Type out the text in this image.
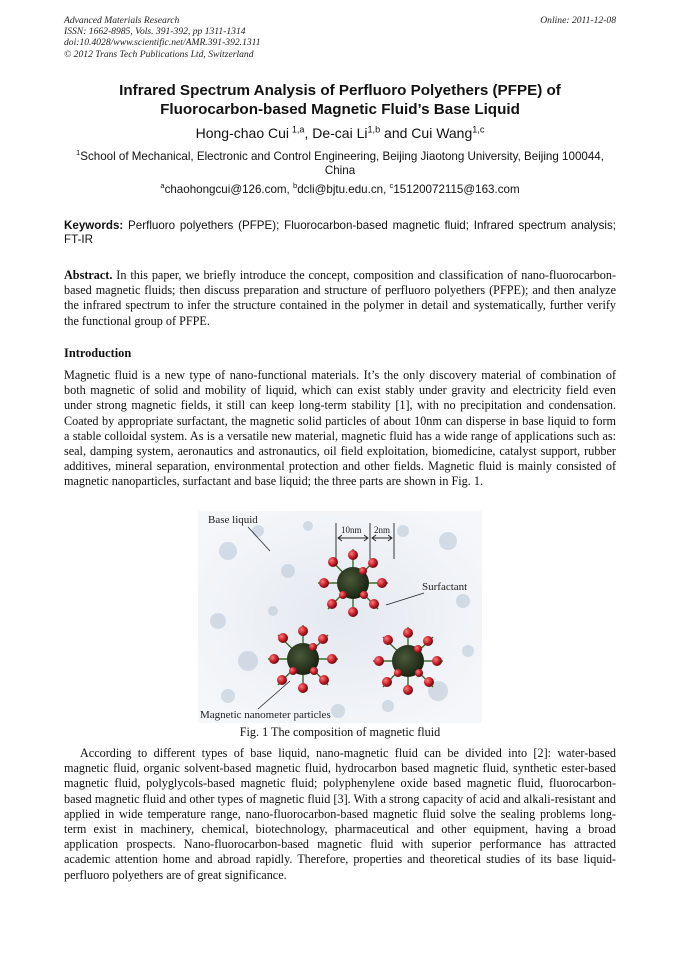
Advanced Materials Research
ISSN: 1662-8985, Vols. 391-392, pp 1311-1314
doi:10.4028/www.scientific.net/AMR.391-392.1311
© 2012 Trans Tech Publications Ltd, Switzerland
Online: 2011-12-08
Infrared Spectrum Analysis of Perfluoro Polyethers (PFPE) of
Fluorocarbon-based Magnetic Fluid’s Base Liquid
Hong-chao Cui  $^{1,a}$, De-cai Li$^{1,b}$ and Cui Wang$^{1,c}$
$^1$School of Mechanical, Electronic and Control Engineering, Beijing Jiaotong University, Beijing 100044, China
$^a$chaohongcui@126.com, $^b$dcli@bjtu.edu.cn, $^c$15120072115@163.com
Keywords: Perfluoro polyethers (PFPE); Fluorocarbon-based magnetic fluid; Infrared spectrum analysis; FT-IR
Abstract. In this paper, we briefly introduce the concept, composition and classification of nano-fluorocarbon-based magnetic fluids; then discuss preparation and structure of perfluoro polyethers (PFPE); and then analyze the infrared spectrum to infer the structure contained in the polymer in detail and systematically, further verify the functional group of PFPE.
Introduction
Magnetic fluid is a new type of nano-functional materials. It’s the only discovery material of combination of both magnetic of solid and mobility of liquid, which can exist stably under gravity and electricity field even under strong magnetic fields, it still can keep long-term stability [1], with no precipitation and condensation. Coated by appropriate surfactant, the magnetic solid particles of about 10nm can disperse in base liquid to form a stable colloidal system. As is a versatile new material, magnetic fluid has a wide range of applications such as: seal, damping system, aeronautics and astronautics, oil field exploitation, biomedicine, catalyst support, rubber additives, mineral separation, environmental protection and other fields. Magnetic fluid is mainly consisted of magnetic nanoparticles, surfactant and base liquid; the three parts are shown in Fig. 1.
10nm 2nm
Base liquid
Surfactant
Magnetic nanometer particles
Fig. 1 The composition of magnetic fluid
According to different types of base liquid, nano-magnetic fluid can be divided into [2]: water-based magnetic fluid, organic solvent-based magnetic fluid, hydrocarbon based magnetic fluid, synthetic ester-based magnetic fluid, polyglycols-based magnetic fluid; polyphenylene oxide based magnetic fluid, fluorocarbon-based magnetic fluid and other types of magnetic fluid [3]. With a strong capacity of acid and alkali-resistant and applied in wide temperature range, nano-fluorocarbon-based magnetic fluid solve the sealing problems long-term exist in machinery, chemical, biotechnology, pharmaceutical and other equipment, having a broad application prospects. Nano-fluorocarbon-based magnetic fluid with superior performance has attracted academic attention home and abroad rapidly. Therefore, properties and theoretical studies of its base liquid-perfluoro polyethers are of great significance.
